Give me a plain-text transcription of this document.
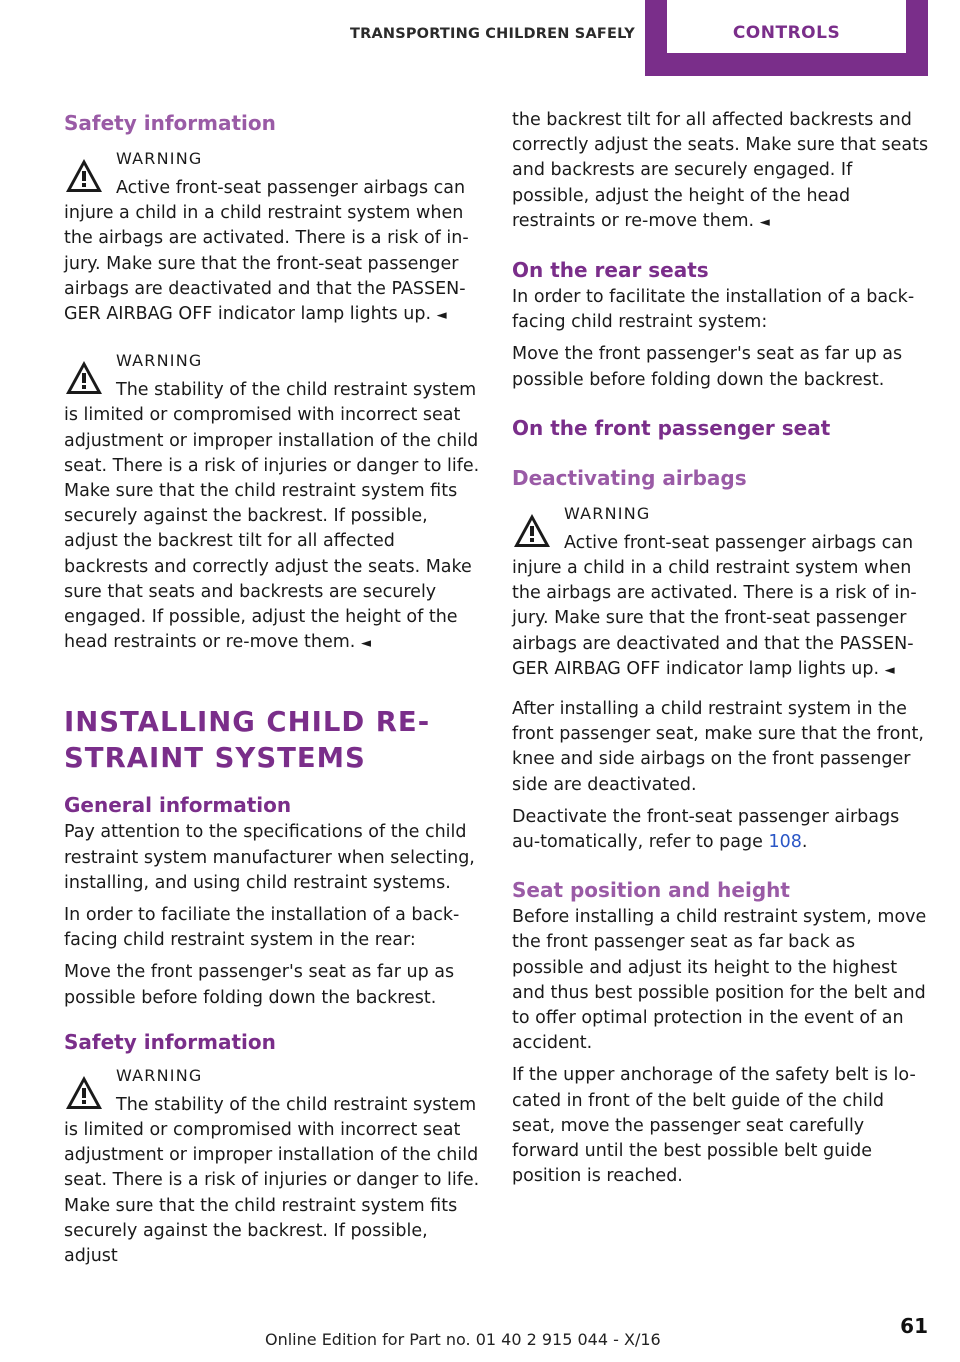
TRANSPORTING CHILDREN SAFELY	CONTROLS
Safety information
WARNING

Active front-seat passenger airbags can

injure a child in a child restraint system when the airbags are activated. There is a risk of in-jury. Make sure that the front-seat passenger airbags are deactivated and that the PASSEN-GER AIRBAG OFF indicator lamp lights up. ◄

WARNING

The stability of the child restraint system

is limited or compromised with incorrect seat adjustment or improper installation of the child seat. There is a risk of injuries or danger to life. Make sure that the child restraint system fits securely against the backrest. If possible, adjust the backrest tilt for all affected backrests and correctly adjust the seats. Make sure that seats and backrests are securely engaged. If possible, adjust the height of the head restraints or re-move them. ◄

INSTALLING CHILD RE-
STRAINT SYSTEMS
General information

Pay attention to the specifications of the child restraint system manufacturer when selecting, installing, and using child restraint systems.

In order to faciliate the installation of a back-facing child restraint system in the rear:

Move the front passenger's seat as far up as possible before folding down the backrest.

Safety information
WARNING

The stability of the child restraint system

is limited or compromised with incorrect seat adjustment or improper installation of the child seat. There is a risk of injuries or danger to life. Make sure that the child restraint system fits securely against the backrest. If possible, adjust

the backrest tilt for all affected backrests and correctly adjust the seats. Make sure that seats and backrests are securely engaged. If possible, adjust the height of the head restraints or re-move them. ◄

On the rear seats

In order to facilitate the installation of a back-facing child restraint system:

Move the front passenger's seat as far up as possible before folding down the backrest.

On the front passenger seat
Deactivating airbags
WARNING

Active front-seat passenger airbags can

injure a child in a child restraint system when the airbags are activated. There is a risk of in-jury. Make sure that the front-seat passenger airbags are deactivated and that the PASSEN-GER AIRBAG OFF indicator lamp lights up. ◄

After installing a child restraint system in the front passenger seat, make sure that the front, knee and side airbags on the front passenger side are deactivated.

Deactivate the front-seat passenger airbags au-tomatically, refer to page 108.

Seat position and height

Before installing a child restraint system, move the front passenger seat as far back as possible and adjust its height to the highest and thus best possible position for the belt and to offer optimal protection in the event of an accident.

If the upper anchorage of the safety belt is lo-cated in front of the belt guide of the child seat, move the passenger seat carefully forward until the best possible belt guide position is reached.

Online Edition for Part no. 01 40 2 915 044 - X/16
61
